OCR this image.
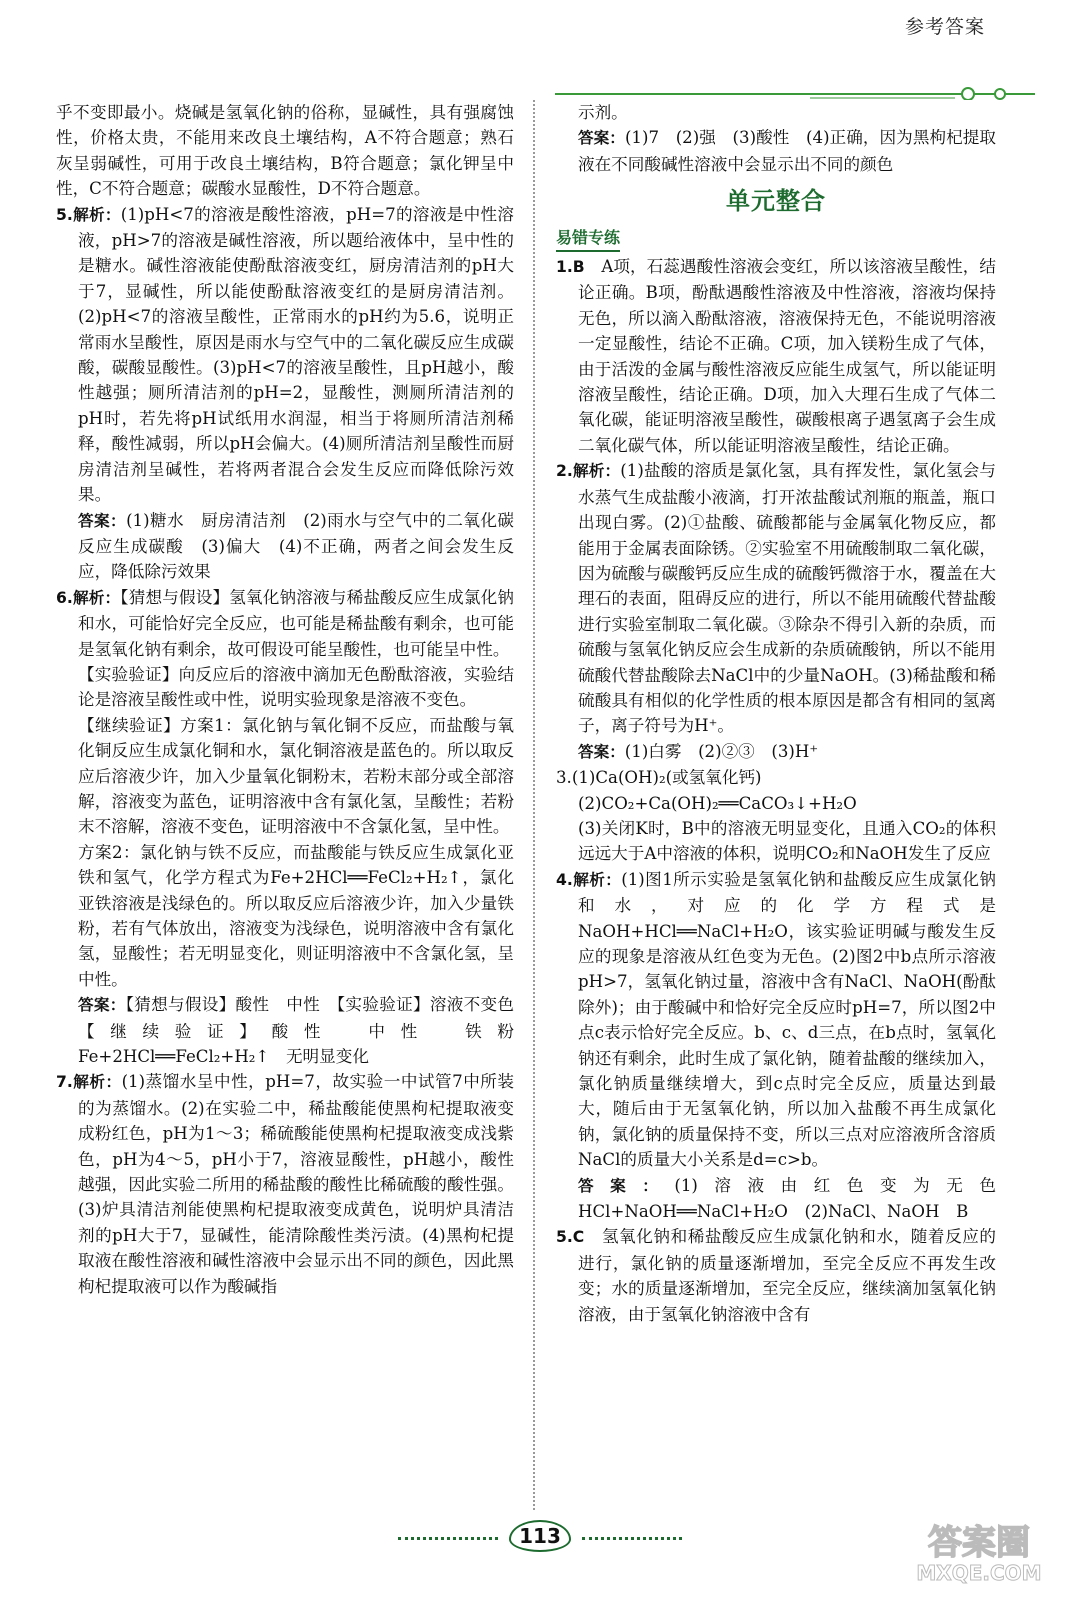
参考答案

乎不变即最小。烧碱是氢氧化钠的俗称，显碱性，具有强腐蚀性，价格太贵，不能用来改良土壤结构，A不符合题意；熟石灰呈弱碱性，可用于改良土壤结构，B符合题意；氯化钾呈中性，C不符合题意；碳酸水显酸性，D不符合题意。

5.解析：(1)pH<7的溶液是酸性溶液，pH=7的溶液是中性溶液，pH>7的溶液是碱性溶液，所以题给液体中，呈中性的是糖水。碱性溶液能使酚酞溶液变红，厨房清洁剂的pH大于7，显碱性，所以能使酚酞溶液变红的是厨房清洁剂。(2)pH<7的溶液呈酸性，正常雨水的pH约为5.6，说明正常雨水呈酸性，原因是雨水与空气中的二氧化碳反应生成碳酸，碳酸显酸性。(3)pH<7的溶液呈酸性，且pH越小，酸性越强；厕所清洁剂的pH=2，显酸性，测厕所清洁剂的pH时，若先将pH试纸用水润湿，相当于将厕所清洁剂稀释，酸性减弱，所以pH会偏大。(4)厕所清洁剂呈酸性而厨房清洁剂呈碱性，若将两者混合会发生反应而降低除污效果。

答案：(1)糖水　厨房清洁剂　(2)雨水与空气中的二氧化碳反应生成碳酸　(3)偏大　(4)不正确，两者之间会发生反应，降低除污效果

6.解析：【猜想与假设】氢氧化钠溶液与稀盐酸反应生成氯化钠和水，可能恰好完全反应，也可能是稀盐酸有剩余，也可能是氢氧化钠有剩余，故可假设可能呈酸性，也可能呈中性。

【实验验证】向反应后的溶液中滴加无色酚酞溶液，实验结论是溶液呈酸性或中性，说明实验现象是溶液不变色。

【继续验证】方案1：氯化钠与氧化铜不反应，而盐酸与氧化铜反应生成氯化铜和水，氯化铜溶液是蓝色的。所以取反应后溶液少许，加入少量氧化铜粉末，若粉末部分或全部溶解，溶液变为蓝色，证明溶液中含有氯化氢，呈酸性；若粉末不溶解，溶液不变色，证明溶液中不含氯化氢，呈中性。

方案2：氯化钠与铁不反应，而盐酸能与铁反应生成氯化亚铁和氢气，化学方程式为Fe+2HCl══FeCl₂+H₂↑，氯化亚铁溶液是浅绿色的。所以取反应后溶液少许，加入少量铁粉，若有气体放出，溶液变为浅绿色，说明溶液中含有氯化氢，显酸性；若无明显变化，则证明溶液中不含氯化氢，呈中性。

答案：【猜想与假设】酸性　中性　【实验验证】溶液不变色　【继续验证】酸性　中性　铁粉　Fe+2HCl══FeCl₂+H₂↑　无明显变化

7.解析：(1)蒸馏水呈中性，pH=7，故实验一中试管7中所装的为蒸馏水。(2)在实验二中，稀盐酸能使黑枸杞提取液变成粉红色，pH为1～3；稀硫酸能使黑枸杞提取液变成浅紫色，pH为4～5，pH小于7，溶液显酸性，pH越小，酸性越强，因此实验二所用的稀盐酸的酸性比稀硫酸的酸性强。(3)炉具清洁剂能使黑枸杞提取液变成黄色，说明炉具清洁剂的pH大于7，显碱性，能清除酸性类污渍。(4)黑枸杞提取液在酸性溶液和碱性溶液中会显示出不同的颜色，因此黑枸杞提取液可以作为酸碱指

示剂。

答案：(1)7　(2)强　(3)酸性　(4)正确，因为黑枸杞提取液在不同酸碱性溶液中会显示出不同的颜色

单元整合
易错专练

1.B　A项，石蕊遇酸性溶液会变红，所以该溶液呈酸性，结论正确。B项，酚酞遇酸性溶液及中性溶液，溶液均保持无色，所以滴入酚酞溶液，溶液保持无色，不能说明溶液一定显酸性，结论不正确。C项，加入镁粉生成了气体，由于活泼的金属与酸性溶液反应能生成氢气，所以能证明溶液呈酸性，结论正确。D项，加入大理石生成了气体二氧化碳，能证明溶液呈酸性，碳酸根离子遇氢离子会生成二氧化碳气体，所以能证明溶液呈酸性，结论正确。

2.解析：(1)盐酸的溶质是氯化氢，具有挥发性，氯化氢会与水蒸气生成盐酸小液滴，打开浓盐酸试剂瓶的瓶盖，瓶口出现白雾。(2)①盐酸、硫酸都能与金属氧化物反应，都能用于金属表面除锈。②实验室不用硫酸制取二氧化碳，因为硫酸与碳酸钙反应生成的硫酸钙微溶于水，覆盖在大理石的表面，阻碍反应的进行，所以不能用硫酸代替盐酸进行实验室制取二氧化碳。③除杂不得引入新的杂质，而硫酸与氢氧化钠反应会生成新的杂质硫酸钠，所以不能用硫酸代替盐酸除去NaCl中的少量NaOH。(3)稀盐酸和稀硫酸具有相似的化学性质的根本原因是都含有相同的氢离子，离子符号为H⁺。

答案：(1)白雾　(2)②③　(3)H⁺

3.(1)Ca(OH)₂(或氢氧化钙)

(2)CO₂+Ca(OH)₂══CaCO₃↓+H₂O

(3)关闭K时，B中的溶液无明显变化，且通入CO₂的体积远远大于A中溶液的体积，说明CO₂和NaOH发生了反应

4.解析：(1)图1所示实验是氢氧化钠和盐酸反应生成氯化钠和水，对应的化学方程式是NaOH+HCl══NaCl+H₂O，该实验证明碱与酸发生反应的现象是溶液从红色变为无色。(2)图2中b点所示溶液pH>7，氢氧化钠过量，溶液中含有NaCl、NaOH(酚酞除外)；由于酸碱中和恰好完全反应时pH=7，所以图2中点c表示恰好完全反应。b、c、d三点，在b点时，氢氧化钠还有剩余，此时生成了氯化钠，随着盐酸的继续加入，氯化钠质量继续增大，到c点时完全反应，质量达到最大，随后由于无氢氧化钠，所以加入盐酸不再生成氯化钠，氯化钠的质量保持不变，所以三点对应溶液所含溶质NaCl的质量大小关系是d=c>b。

答案：(1)溶液由红色变为无色　HCl+NaOH══NaCl+H₂O　(2)NaCl、NaOH　B

5.C　氢氧化钠和稀盐酸反应生成氯化钠和水，随着反应的进行，氯化钠的质量逐渐增加，至完全反应不再发生改变；水的质量逐渐增加，至完全反应，继续滴加氢氧化钠溶液，由于氢氧化钠溶液中含有

113	答案圈
MXQE.COM
